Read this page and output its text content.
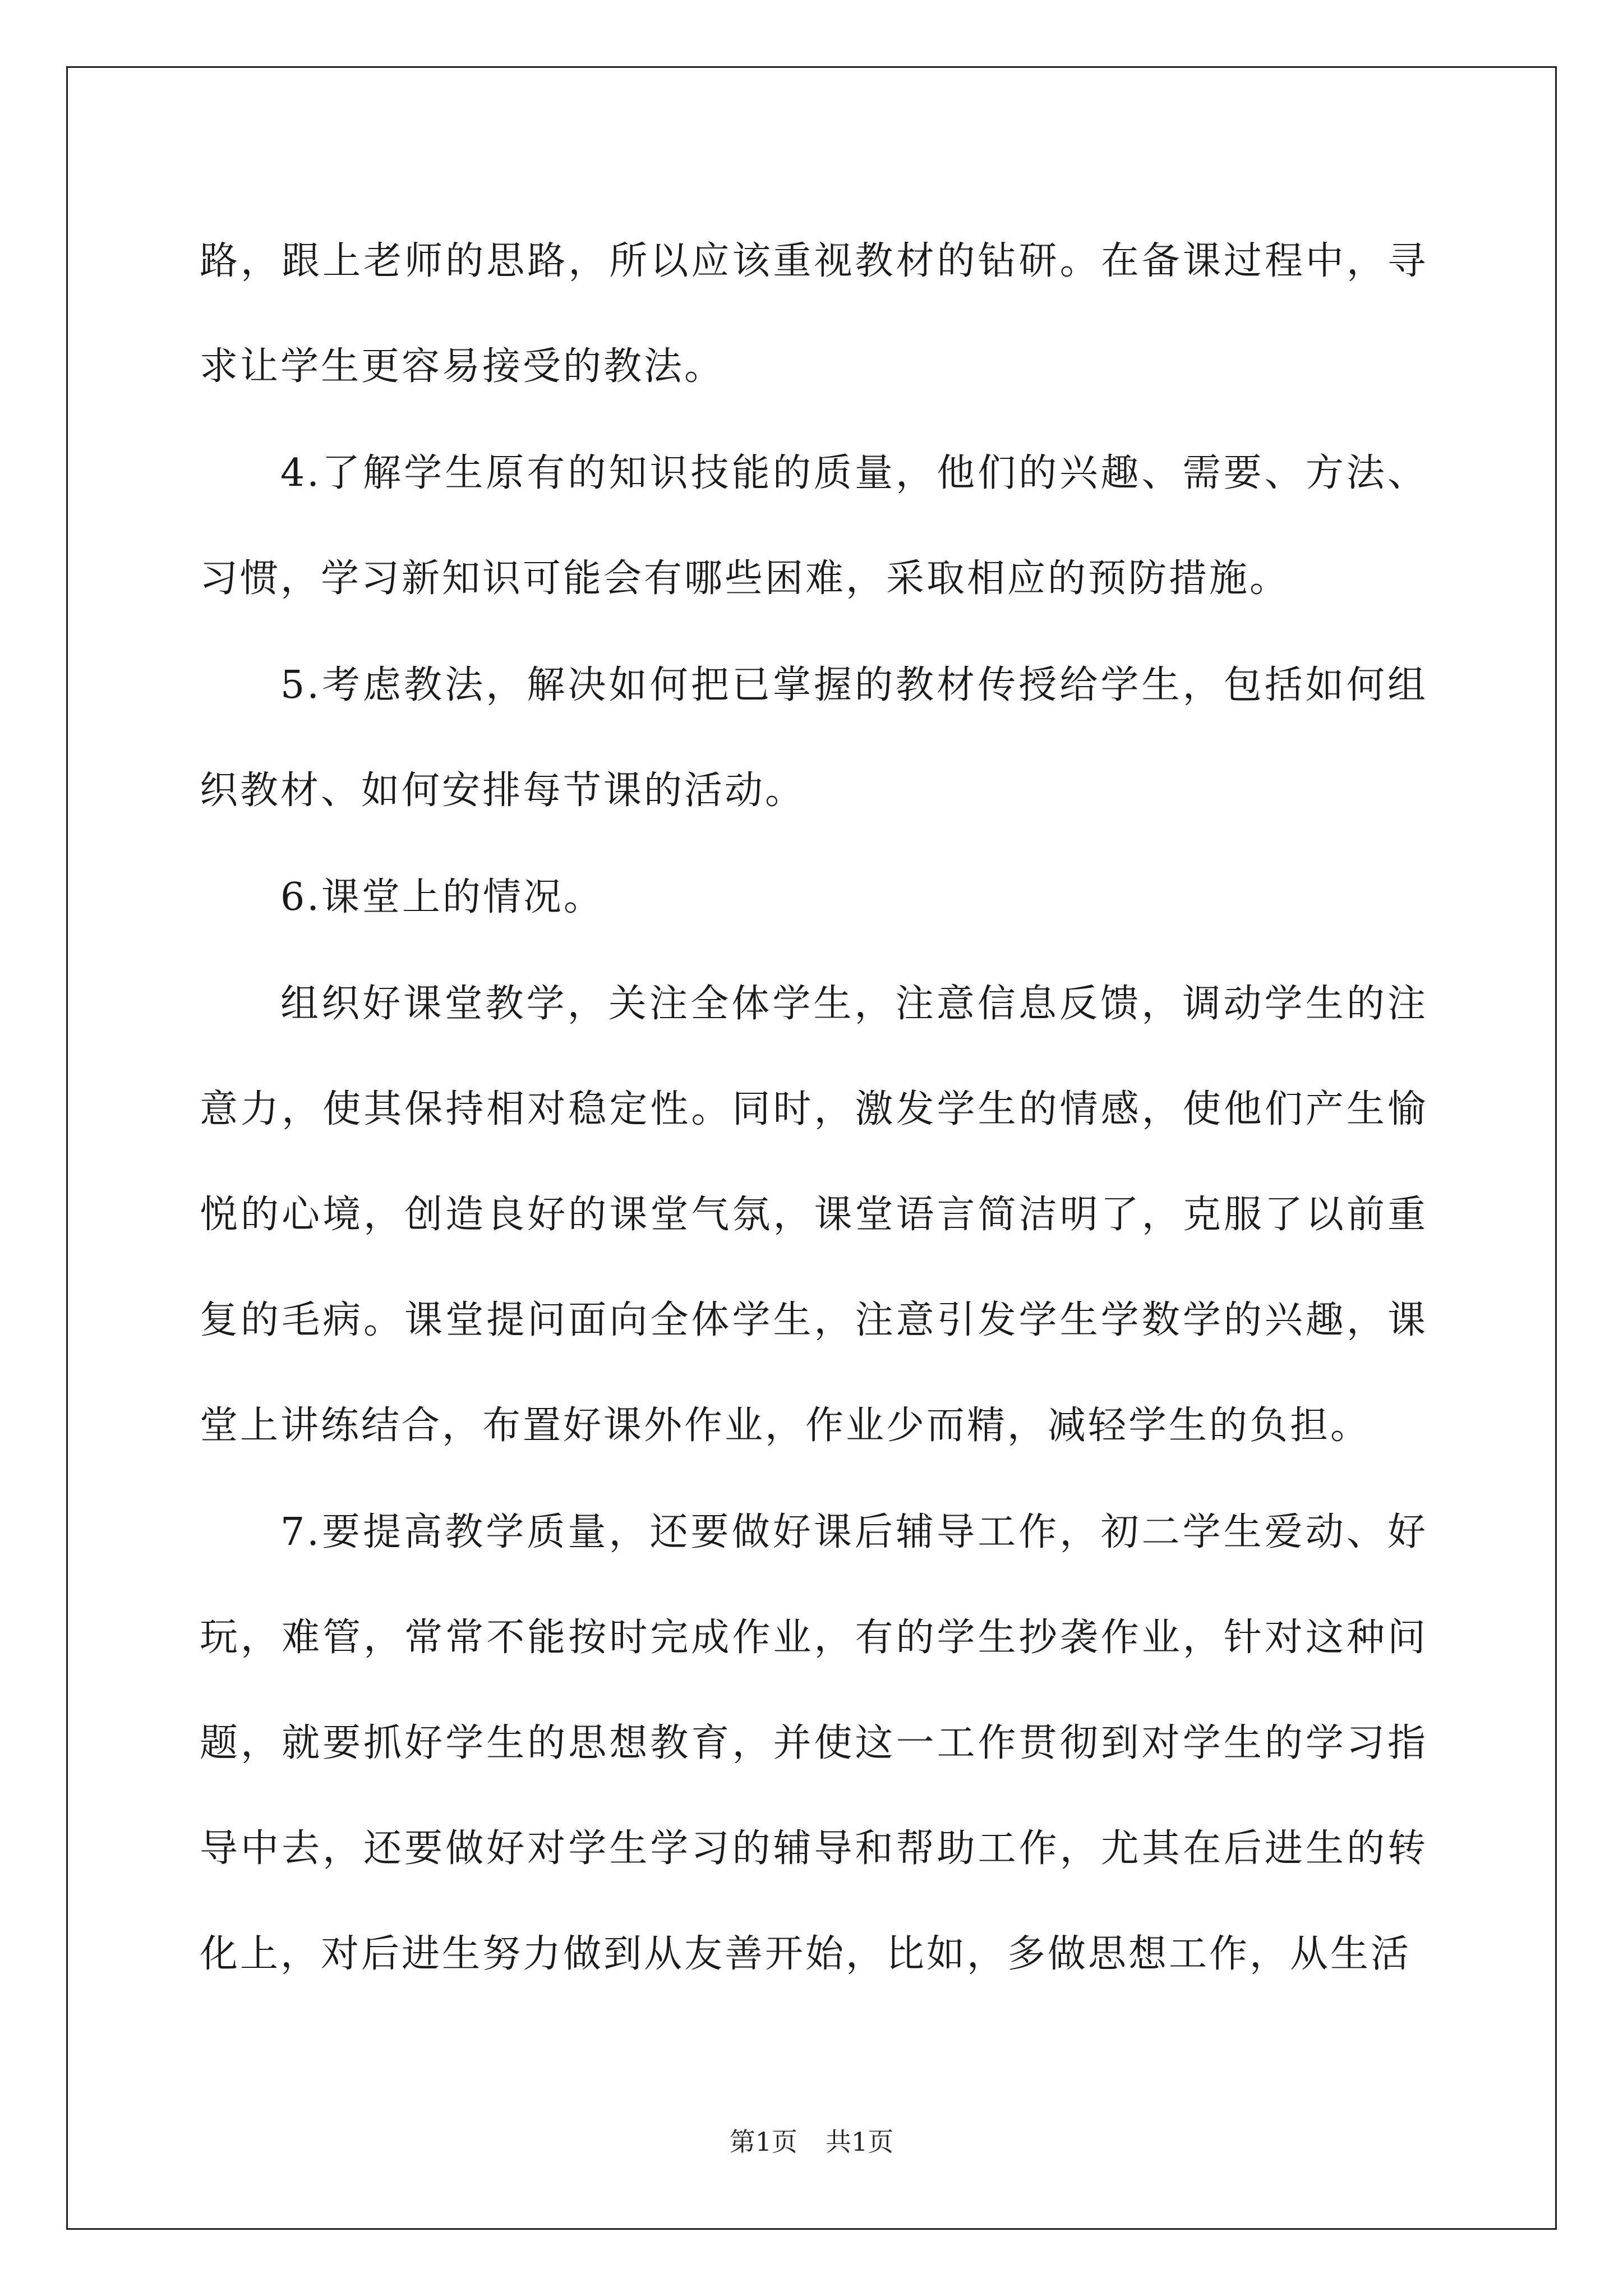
路，跟上老师的思路，所以应该重视教材的钻研。在备课过程中，寻求让学生更容易接受的教法。

4.了解学生原有的知识技能的质量，他们的兴趣、需要、方法、习惯，学习新知识可能会有哪些困难，采取相应的预防措施。

5.考虑教法，解决如何把已掌握的教材传授给学生，包括如何组织教材、如何安排每节课的活动。

6.课堂上的情况。

组织好课堂教学，关注全体学生，注意信息反馈，调动学生的注意力，使其保持相对稳定性。同时，激发学生的情感，使他们产生愉悦的心境，创造良好的课堂气氛，课堂语言简洁明了，克服了以前重复的毛病。课堂提问面向全体学生，注意引发学生学数学的兴趣，课堂上讲练结合，布置好课外作业，作业少而精，减轻学生的负担。

7.要提高教学质量，还要做好课后辅导工作，初二学生爱动、好玩，难管，常常不能按时完成作业，有的学生抄袭作业，针对这种问题，就要抓好学生的思想教育，并使这一工作贯彻到对学生的学习指导中去，还要做好对学生学习的辅导和帮助工作，尤其在后进生的转化上，对后进生努力做到从友善开始，比如，多做思想工作，从生活

第1页 共1页
